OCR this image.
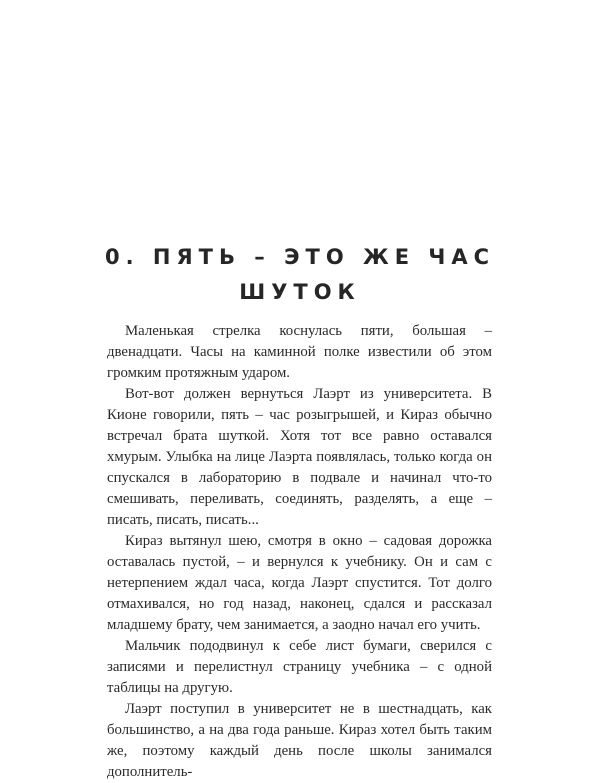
0. ПЯТЬ – ЭТО ЖЕ ЧАС
ШУТОК

Маленькая стрелка коснулась пяти, большая – двенадцати. Часы на каминной полке известили об этом громким протяжным ударом.

Вот-вот должен вернуться Лаэрт из университета. В Кионе говорили, пять – час розыгрышей, и Кираз обычно встречал брата шуткой. Хотя тот все равно оставался хмурым. Улыбка на лице Лаэрта появлялась, только когда он спускался в лабораторию в подвале и начинал что-то смешивать, переливать, соединять, разделять, а еще – писать, писать, писать...

Кираз вытянул шею, смотря в окно – садовая дорожка оставалась пустой, – и вернулся к учебнику. Он и сам с нетерпением ждал часа, когда Лаэрт спустится. Тот долго отмахивался, но год назад, наконец, сдался и рассказал младшему брату, чем занимается, а заодно начал его учить.

Мальчик пододвинул к себе лист бумаги, сверился с записями и перелистнул страницу учебника – с одной таблицы на другую.

Лаэрт поступил в университет не в шестнадцать, как большинство, а на два года раньше. Кираз хотел быть таким же, поэтому каждый день после школы занимался дополнитель-
